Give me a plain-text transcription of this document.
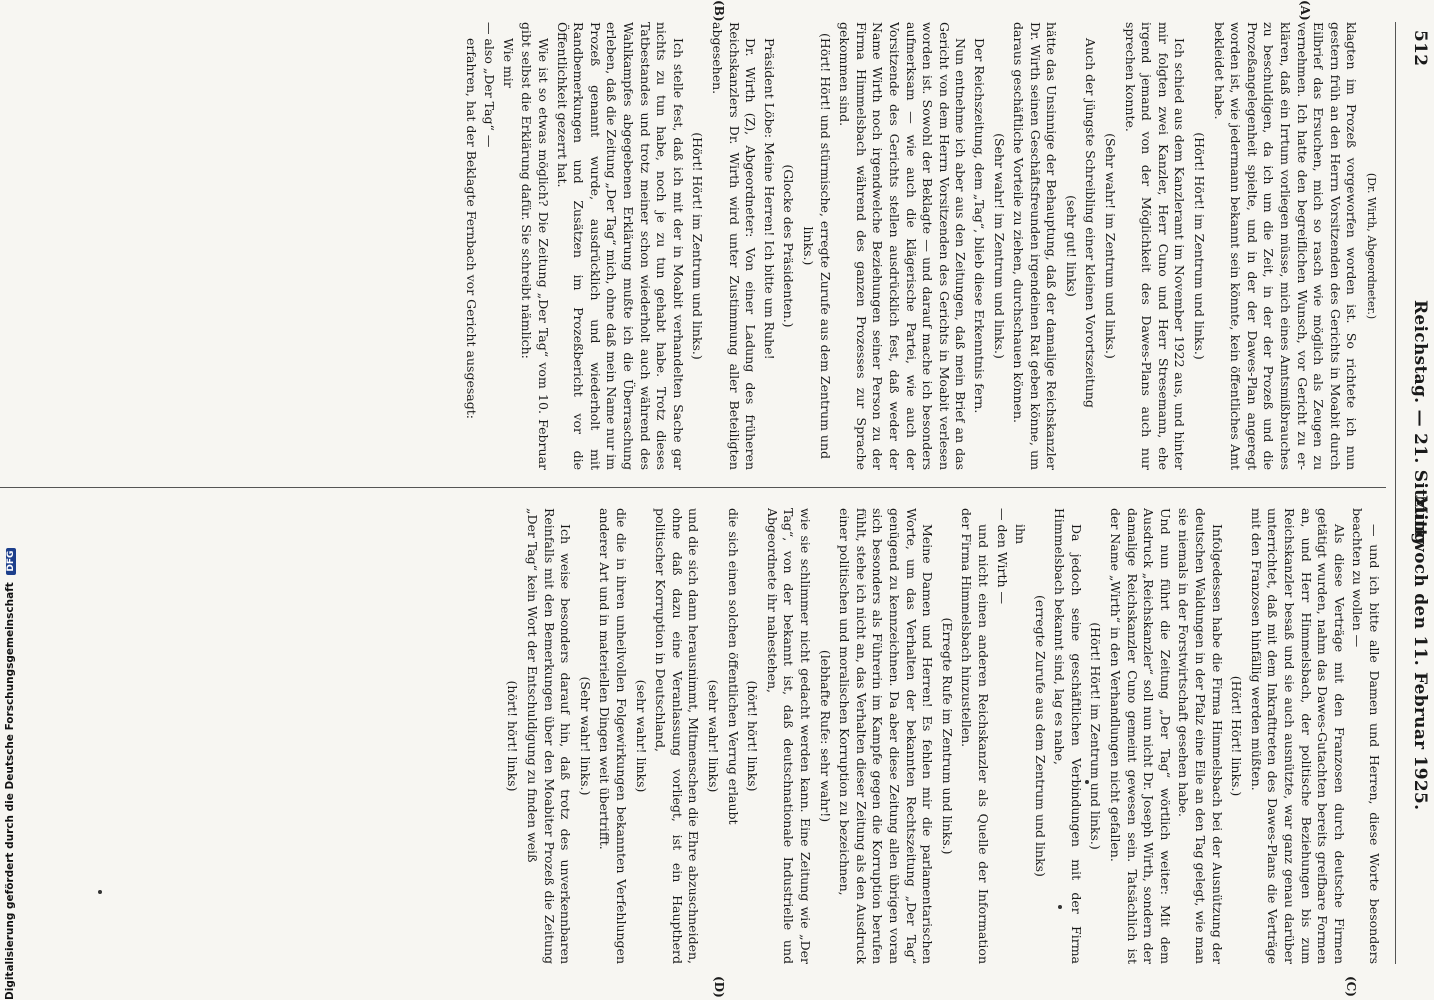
512
Reichstag. — 21. Sitzung.
Mittwoch den 11. Februar 1925.
(A)
(B)
(C)
(D)

(Dr. Wirth, Abgeordneter.)

klagten im Prozeß vorgeworfen worden ist. So richtete ich nun gestern früh an den Herrn Vorsitzenden des Gerichts in Moabit durch Eilbrief das Ersuchen, mich so rasch wie möglich als Zeugen zu vernehmen. Ich hatte den begreiflichen Wunsch, vor Gericht zu erklären, daß ein Irrtum vorliegen müsse, mich eines Amtsmißbrauches zu beschuldigen, da ich um die Zeit, in der der Prozeß und die Prozeßangelegenheit spielte, und in der der Dawes-Plan angeregt worden ist, wie jedermann bekannt sein könnte, kein öffentliches Amt bekleidet habe.

(Hört! Hört! im Zentrum und links.)

Ich schied aus dem Kanzleramt im November 1922 aus, und hinter mir folgten zwei Kanzler, Herr Cuno und Herr Stresemann, ehe irgend jemand von der Möglichkeit des Dawes-Plans auch nur sprechen konnte.

(Sehr wahr! im Zentrum und links.)

Auch der jüngste Schreibling einer kleinen Vorortszeitung

(sehr gut! links)

hätte das Unsinnige der Behauptung, daß der damalige Reichskanzler Dr. Wirth seinen Geschäftsfreunden irgendeinen Rat geben könne, um daraus geschäftliche Vorteile zu ziehen, durchschauen können.

(Sehr wahr! im Zentrum und links.)

Der Reichszeitung, dem „Tag“, blieb diese Erkenntnis fern.

Nun entnehme ich aber aus den Zeitungen, daß mein Brief an das Gericht von dem Herrn Vorsitzenden des Gerichts in Moabit verlesen worden ist. Sowohl der Beklagte — und darauf mache ich besonders aufmerksam — wie auch die klägerische Partei, wie auch der Vorsitzende des Gerichts stellen ausdrücklich fest, daß weder der Name Wirth noch irgendwelche Beziehungen seiner Person zu der Firma Himmelsbach während des ganzen Prozesses zur Sprache gekommen sind.

(Hört! Hört! und stürmische, erregte Zurufe aus dem Zentrum und links.)

(Glocke des Präsidenten.)

Präsident Löbe: Meine Herren! Ich bitte um Ruhe!

Dr. Wirth (Z), Abgeordneter: Von einer Ladung des früheren Reichskanzlers Dr. Wirth wird unter Zustimmung aller Beteiligten abgesehen.

(Hört! Hört! im Zentrum und links.)

Ich stelle fest, daß ich mit der in Moabit verhandelten Sache gar nichts zu tun habe, noch je zu tun gehabt habe. Trotz dieses Tatbestandes und trotz meiner schon wiederholt auch während des Wahlkampfes abgegebenen Erklärung mußte ich die Überraschung erleben, daß die Zeitung „Der Tag“ mich, ohne daß mein Name nur im Prozeß genannt wurde, ausdrücklich und wiederholt mit Randbemerkungen und Zusätzen im Prozeßbericht vor die Öffentlichkeit gezerrt hat.

Wie ist so etwas möglich? Die Zeitung „Der Tag“ vom 10. Februar gibt selbst die Erklärung dafür. Sie schreibt nämlich:

Wie mir

— also „Der Tag“ —

erfahren, hat der Beklagte Fernbach vor Gericht ausgesagt:

— und ich bitte alle Damen und Herren, diese Worte besonders beachten zu wollen —

Als diese Verträge mit den Franzosen durch deutsche Firmen getätigt wurden, nahm das Dawes-Gutachten bereits greifbare Formen an, und Herr Himmelsbach, der politische Beziehungen bis zum Reichskanzler besaß und sie auch ausnützte, war ganz genau darüber unterrichtet, daß mit dem Inkrafttreten des Dawes-Plans die Verträge mit den Franzosen hinfällig werden müßten.

(Hört! Hört! links.)

Infolgedessen habe die Firma Himmelsbach bei der Ausnützung der deutschen Waldungen in der Pfalz eine Eile an den Tag gelegt, wie man sie niemals in der Forstwirtschaft gesehen habe.

Und nun führt die Zeitung „Der Tag“ wörtlich weiter: Mit dem Ausdruck „Reichskanzler“ soll nun nicht Dr. Joseph Wirth, sondern der damalige Reichskanzler Cuno gemeint gewesen sein. Tatsächlich ist der Name „Wirth“ in den Verhandlungen nicht gefallen.

(Hört! Hört! im Zentrum und links.)

Da jedoch seine geschäftlichen Verbindungen mit der Firma Himmelsbach bekannt sind, lag es nahe,

(erregte Zurufe aus dem Zentrum und links)

ihn

— den Wirth —

und nicht einen anderen Reichskanzler als Quelle der Information der Firma Himmelsbach hinzustellen.

(Erregte Rufe im Zentrum und links.)

Meine Damen und Herren! Es fehlen mir die parlamentarischen Worte, um das Verhalten der bekannten Rechtszeitung „Der Tag“ genügend zu kennzeichnen. Da aber diese Zeitung allen übrigen voran sich besonders als Führerin im Kampfe gegen die Korruption berufen fühlt, stehe ich nicht an, das Verhalten dieser Zeitung als den Ausdruck einer politischen und moralischen Korruption zu bezeichnen,

(lebhafte Rufe: sehr wahr!)

wie sie schlimmer nicht gedacht werden kann. Eine Zeitung wie „Der Tag“, von der bekannt ist, daß deutschnationale Industrielle und Abgeordnete ihr nahestehen,

(hört! hört! links)

die sich einen solchen öffentlichen Verrug erlaubt

(sehr wahr! links)

und die sich dann herausnimmt, Mitmenschen die Ehre abzuschneiden, ohne daß dazu eine Veranlassung vorliegt, ist ein Hauptherd politischer Korruption in Deutschland,

(sehr wahr! links)

die die in ihren unheilvollen Folgewirkungen bekannten Verfehlungen anderer Art und in materiellen Dingen weit übertrifft.

(Sehr wahr! links.)

Ich weise besonders darauf hin, daß trotz des unverkennbaren Reinfalls mit den Bemerkungen über den Moabiter Prozeß die Zeitung „Der Tag“ kein Wort der Entschuldigung zu finden weiß

(hört! hört! links)

Digitalisierung gefördert durch die Deutsche Forschungsgemeinschaft DFG
